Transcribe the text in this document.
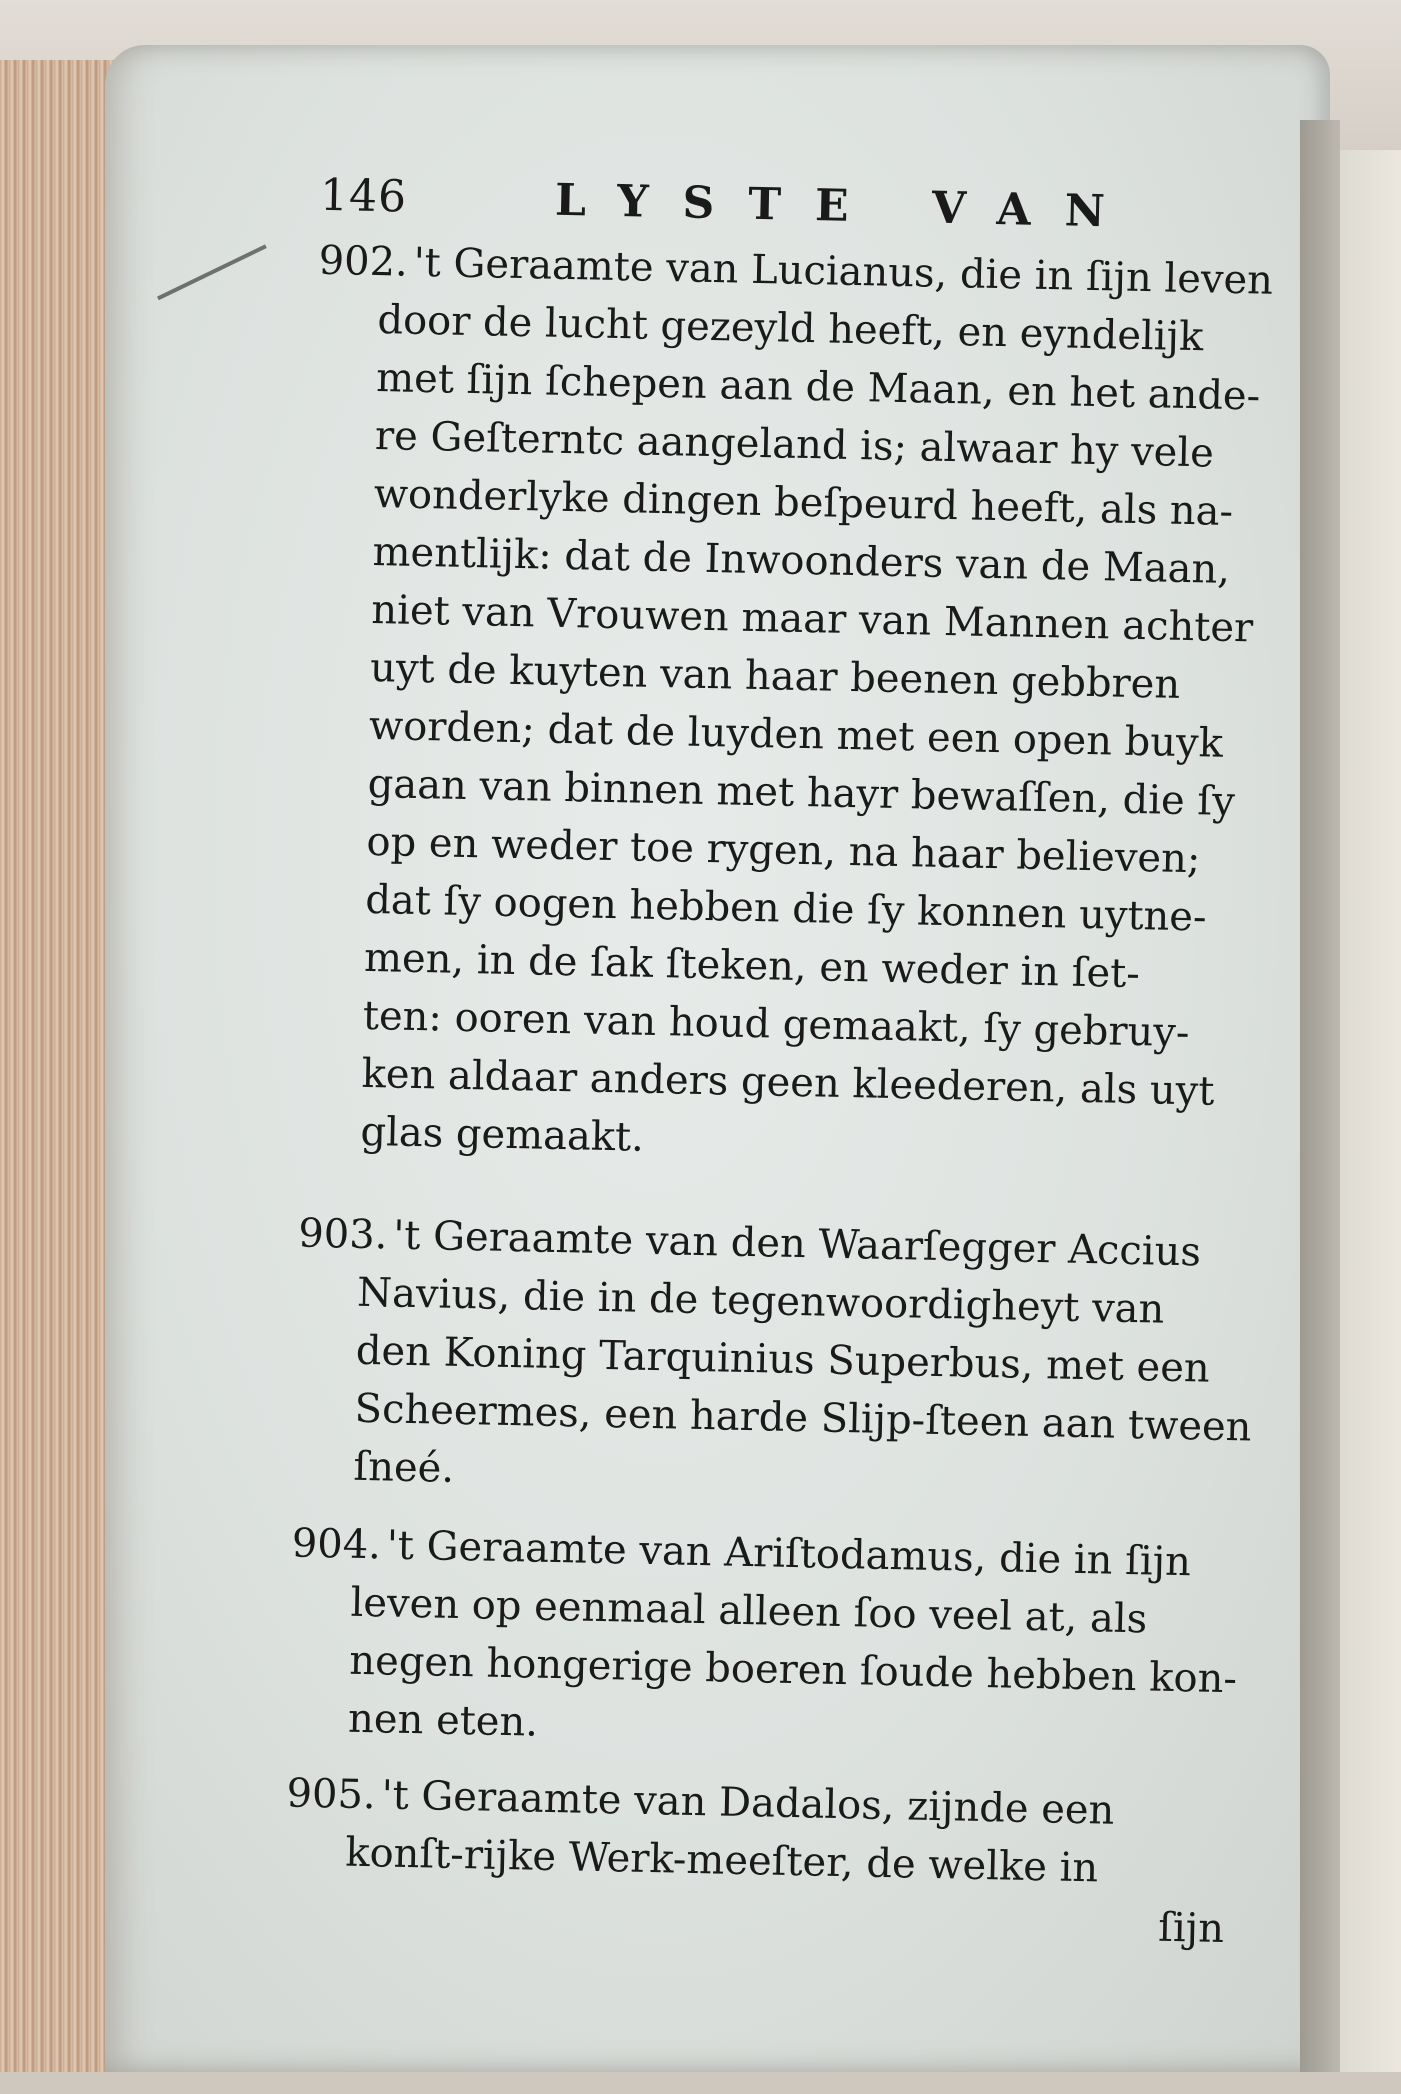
146	LYSTE VAN
902. 't Geraamte van Lucianus, die in ſijn leven
door de lucht gezeyld heeft, en eyndelijk
met ſijn ſchepen aan de Maan, en het ande-
re Geſterntc aangeland is; alwaar hy vele
wonderlyke dingen beſpeurd heeft, als na-
mentlijk: dat de Inwoonders van de Maan,
niet van Vrouwen maar van Mannen achter
uyt de kuyten van haar beenen gebbren
worden; dat de luyden met een open buyk
gaan van binnen met hayr bewaſſen, die ſy
op en weder toe rygen, na haar believen;
dat ſy oogen hebben die ſy konnen uytne-
men, in de ſak ſteken, en weder in ſet-
ten: ooren van houd gemaakt, ſy gebruy-
ken aldaar anders geen kleederen, als uyt
glas gemaakt.
903. 't Geraamte van den Waarſegger Accius
Navius, die in de tegenwoordigheyt van
den Koning Tarquinius Superbus, met een
Scheermes, een harde Slijp-ſteen aan tween
ſneé.
904. 't Geraamte van Ariſtodamus, die in ſijn
leven op eenmaal alleen ſoo veel at, als
negen hongerige boeren ſoude hebben kon-
nen eten.
905. 't Geraamte van Dadalos, zijnde een
konſt-rijke Werk-meeſter, de welke in
ſijn
